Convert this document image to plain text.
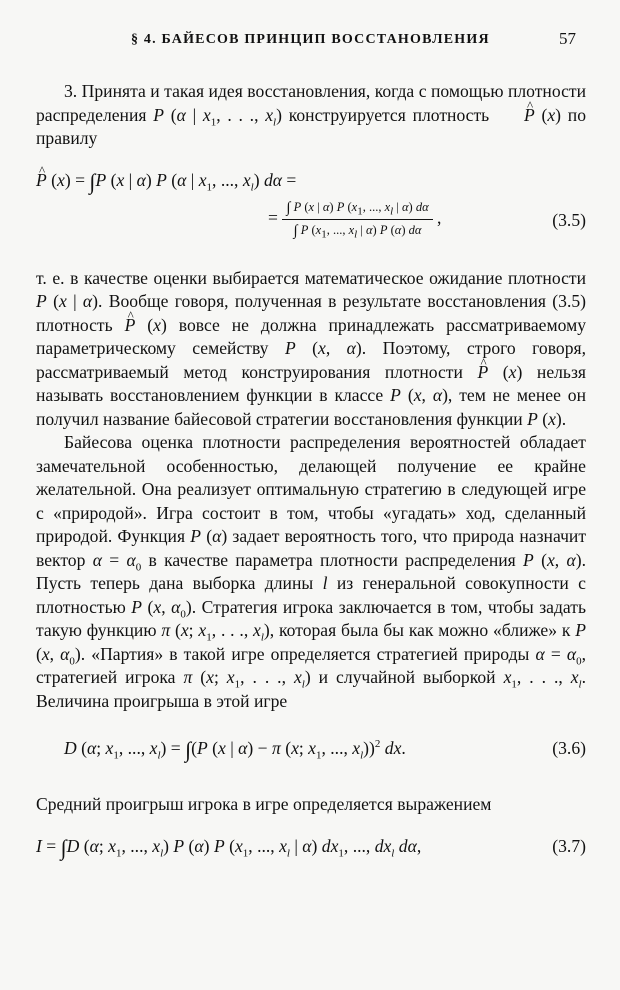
§ 4. БАЙЕСОВ ПРИНЦИП ВОССТАНОВЛЕНИЯ	57

3. Принята и такая идея восстановления, когда с помощью плотности распределения P (α | $x_1$, . . ., $x_l$) конструируется плотность ^ P (x) по правилу

^ P (x) = ∫P (x | α) P (α | $x_1$, ..., $x_l$) dα =
= $\frac{\int P (x | \alpha) P (x_1, ..., x_l | \alpha) d\alpha}{\int P (x_1, ..., x_l | \alpha) P (\alpha) d\alpha}$ ,	(3.5)

т. е. в качестве оценки выбирается математическое ожидание плотности P (x | α). Вообще говоря, полученная в результате восстановления (3.5) плотность ^ P (x) вовсе не должна принадлежать рассматриваемому параметрическому семейству P (x, α). Поэтому, строго говоря, рассматриваемый метод конструирования плотности ^ P (x) нельзя называть восстановлением функции в классе P (x, α), тем не менее он получил название байесовой стратегии восстановления функции P (x).

Байесова оценка плотности распределения вероятностей обладает замечательной особенностью, делающей получение ее крайне желательной. Она реализует оптимальную стратегию в следующей игре с «природой». Игра состоит в том, чтобы «угадать» ход, сделанный природой. Функция P (α) задает вероятность того, что природа назначит вектор $\alpha = \alpha_0$ в качестве параметра плотности распределения P (x, α). Пусть теперь дана выборка длины l из генеральной совокупности с плотностью P (x, $\alpha_0$). Стратегия игрока заключается в том, чтобы задать такую функцию π (x; $x_1$, . . ., $x_l$), которая была бы как можно «ближе» к P (x, $\alpha_0$). «Партия» в такой игре определяется стратегией природы $\alpha = \alpha_0$, стратегией игрока π (x; $x_1$, . . ., $x_l$) и случайной выборкой $x_1$, . . ., $x_l$. Величина проигрыша в этой игре

D (α; $x_1$, ..., $x_l) = \int(P$ (x | α) − π (x; $x_1$, ..., $x_l))^2$ dx.	(3.6)

Средний проигрыш игрока в игре определяется выражением

I = ∫D (α; $x_1$, ..., $x_l$) P (α) P ($x_1$, ..., $x_l$ | α) $dx_1$, ..., $dx_l$ dα,	(3.7)
